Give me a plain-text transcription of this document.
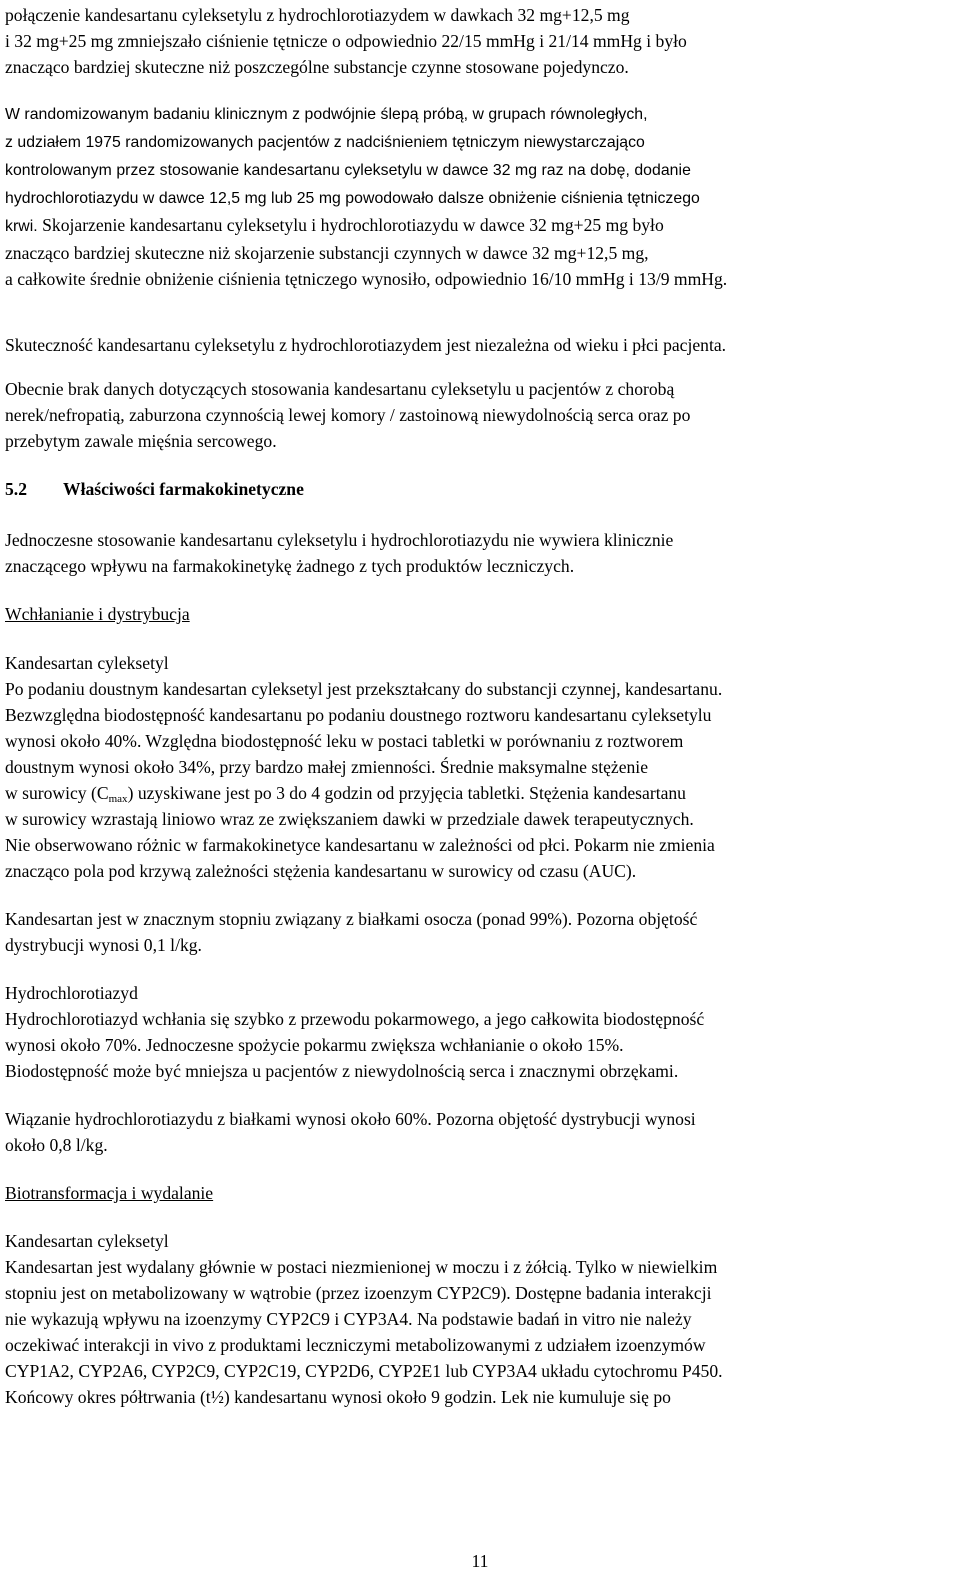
połączenie kandesartanu cyleksetylu z hydrochlorotiazydem w dawkach 32 mg+12,5 mg
i 32 mg+25 mg zmniejszało ciśnienie tętnicze o odpowiednio 22/15 mmHg i 21/14 mmHg i było
znacząco bardziej skuteczne niż poszczególne substancje czynne stosowane pojedynczo.

W randomizowanym badaniu klinicznym z podwójnie ślepą próbą, w grupach równoległych,
z udziałem 1975 randomizowanych pacjentów z nadciśnieniem tętniczym niewystarczająco
kontrolowanym przez stosowanie kandesartanu cyleksetylu w dawce 32 mg raz na dobę, dodanie
hydrochlorotiazydu w dawce 12,5 mg lub 25 mg powodowało dalsze obniżenie ciśnienia tętniczego
krwi. Skojarzenie kandesartanu cyleksetylu i hydrochlorotiazydu w dawce 32 mg+25 mg było
znacząco bardziej skuteczne niż skojarzenie substancji czynnych w dawce 32 mg+12,5 mg,
a całkowite średnie obniżenie ciśnienia tętniczego wynosiło, odpowiednio 16/10 mmHg i 13/9 mmHg.

Skuteczność kandesartanu cyleksetylu z hydrochlorotiazydem jest niezależna od wieku i płci pacjenta.

Obecnie brak danych dotyczących stosowania kandesartanu cyleksetylu u pacjentów z chorobą
nerek/nefropatią, zaburzona czynnością lewej komory / zastoinową niewydolnością serca oraz po
przebytym zawale mięśnia sercowego.

5.2	Właściwości farmakokinetyczne

Jednoczesne stosowanie kandesartanu cyleksetylu i hydrochlorotiazydu nie wywiera klinicznie
znaczącego wpływu na farmakokinetykę żadnego z tych produktów leczniczych.

Wchłanianie i dystrybucja

Kandesartan cyleksetyl

Po podaniu doustnym kandesartan cyleksetyl jest przekształcany do substancji czynnej, kandesartanu.
Bezwzględna biodostępność kandesartanu po podaniu doustnego roztworu kandesartanu cyleksetylu
wynosi około 40%. Względna biodostępność leku w postaci tabletki w porównaniu z roztworem
doustnym wynosi około 34%, przy bardzo małej zmienności. Średnie maksymalne stężenie
w surowicy $(C_{max})$ uzyskiwane jest po 3 do 4 godzin od przyjęcia tabletki. Stężenia kandesartanu
w surowicy wzrastają liniowo wraz ze zwiększaniem dawki w przedziale dawek terapeutycznych.
Nie obserwowano różnic w farmakokinetyce kandesartanu w zależności od płci. Pokarm nie zmienia
znacząco pola pod krzywą zależności stężenia kandesartanu w surowicy od czasu (AUC).

Kandesartan jest w znacznym stopniu związany z białkami osocza (ponad 99%). Pozorna objętość
dystrybucji wynosi 0,1 l/kg.

Hydrochlorotiazyd

Hydrochlorotiazyd wchłania się szybko z przewodu pokarmowego, a jego całkowita biodostępność
wynosi około 70%. Jednoczesne spożycie pokarmu zwiększa wchłanianie o około 15%.
Biodostępność może być mniejsza u pacjentów z niewydolnością serca i znacznymi obrzękami.

Wiązanie hydrochlorotiazydu z białkami wynosi około 60%. Pozorna objętość dystrybucji wynosi
około 0,8 l/kg.

Biotransformacja i wydalanie

Kandesartan cyleksetyl

Kandesartan jest wydalany głównie w postaci niezmienionej w moczu i z żółcią. Tylko w niewielkim
stopniu jest on metabolizowany w wątrobie (przez izoenzym CYP2C9). Dostępne badania interakcji
nie wykazują wpływu na izoenzymy CYP2C9 i CYP3A4. Na podstawie badań in vitro nie należy
oczekiwać interakcji in vivo z produktami leczniczymi metabolizowanymi z udziałem izoenzymów
CYP1A2, CYP2A6, CYP2C9, CYP2C19, CYP2D6, CYP2E1 lub CYP3A4 układu cytochromu P450.
Końcowy okres półtrwania (t½) kandesartanu wynosi około 9 godzin. Lek nie kumuluje się po

11
